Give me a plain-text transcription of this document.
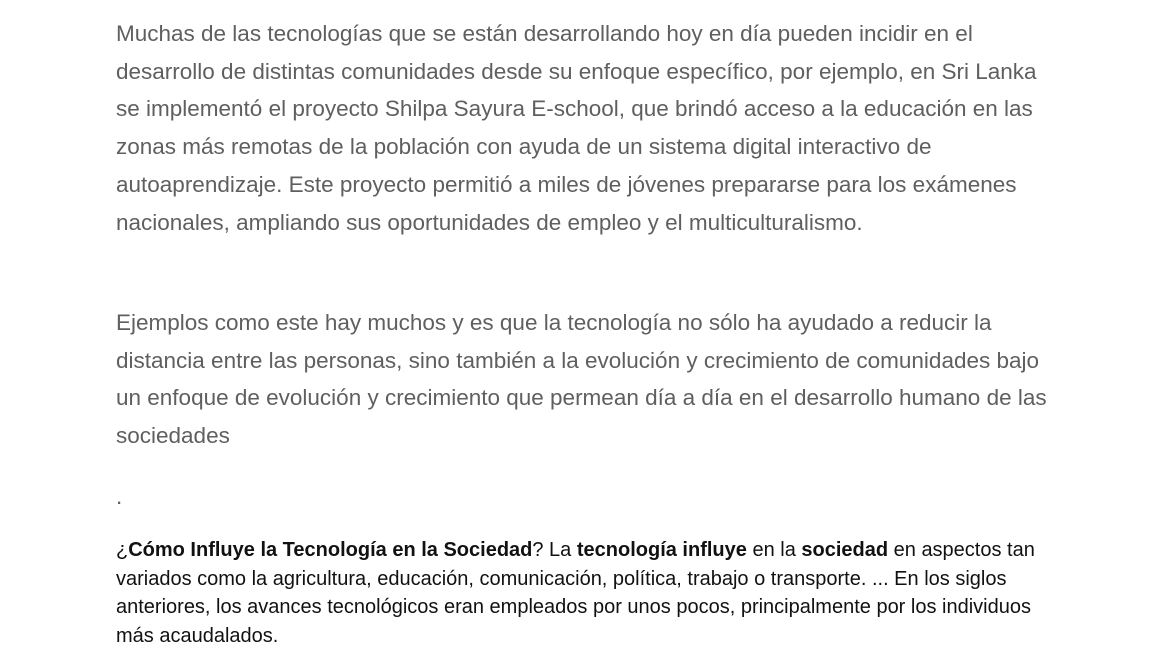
Muchas de las tecnologías que se están desarrollando hoy en día pueden incidir en el desarrollo de distintas comunidades desde su enfoque específico, por ejemplo, en Sri Lanka se implementó el proyecto Shilpa Sayura E-school, que brindó acceso a la educación en las zonas más remotas de la población con ayuda de un sistema digital interactivo de autoaprendizaje. Este proyecto permitió a miles de jóvenes prepararse para los exámenes nacionales, ampliando sus oportunidades de empleo y el multiculturalismo.

Ejemplos como este hay muchos y es que la tecnología no sólo ha ayudado a reducir la distancia entre las personas, sino también a la evolución y crecimiento de comunidades bajo un enfoque de evolución y crecimiento que permean día a día en el desarrollo humano de las sociedades

.

¿Cómo Influye la Tecnología en la Sociedad? La tecnología influye en la sociedad en aspectos tan variados como la agricultura, educación, comunicación, política, trabajo o transporte. ... En los siglos anteriores, los avances tecnológicos eran empleados por unos pocos, principalmente por los individuos más acaudalados.
